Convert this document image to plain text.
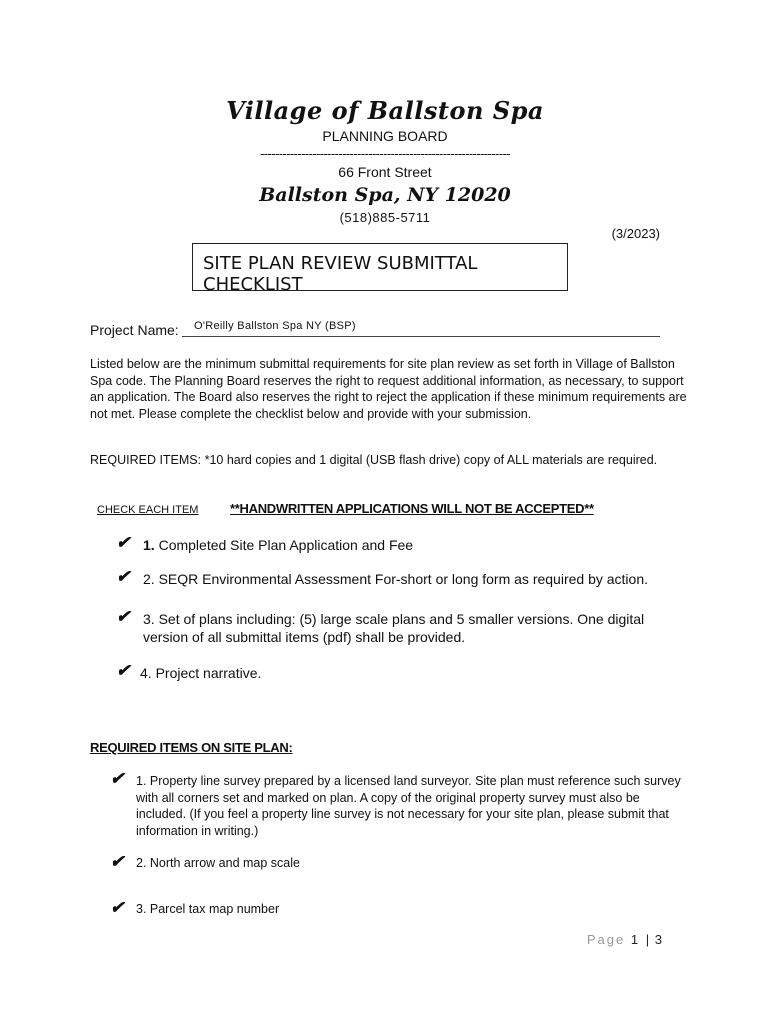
Village of Ballston Spa
PLANNING BOARD
-------------------------------------------------------------------
66 Front Street
Ballston Spa, NY 12020
(518)885-5711
(3/2023)
SITE PLAN REVIEW SUBMITTAL CHECKLIST
Project Name: O'Reilly Ballston Spa NY (BSP)
Listed below are the minimum submittal requirements for site plan review as set forth in Village of Ballston Spa code. The Planning Board reserves the right to request additional information, as necessary, to support an application. The Board also reserves the right to reject the application if these minimum requirements are not met. Please complete the checklist below and provide with your submission.
REQUIRED ITEMS: *10 hard copies and 1 digital (USB flash drive) copy of ALL materials are required.
CHECK EACH ITEM **HANDWRITTEN APPLICATIONS WILL NOT BE ACCEPTED**
✔ 1. Completed Site Plan Application and Fee
✔ 2. SEQR Environmental Assessment For-short or long form as required by action.
✔ 3. Set of plans including: (5) large scale plans and 5 smaller versions. One digital version of all submittal items (pdf) shall be provided.
✔ 4. Project narrative.
REQUIRED ITEMS ON SITE PLAN:
✔ 1. Property line survey prepared by a licensed land surveyor. Site plan must reference such survey with all corners set and marked on plan. A copy of the original property survey must also be included. (If you feel a property line survey is not necessary for your site plan, please submit that information in writing.)
✔ 2. North arrow and map scale
✔ 3. Parcel tax map number
Page 1 | 3
